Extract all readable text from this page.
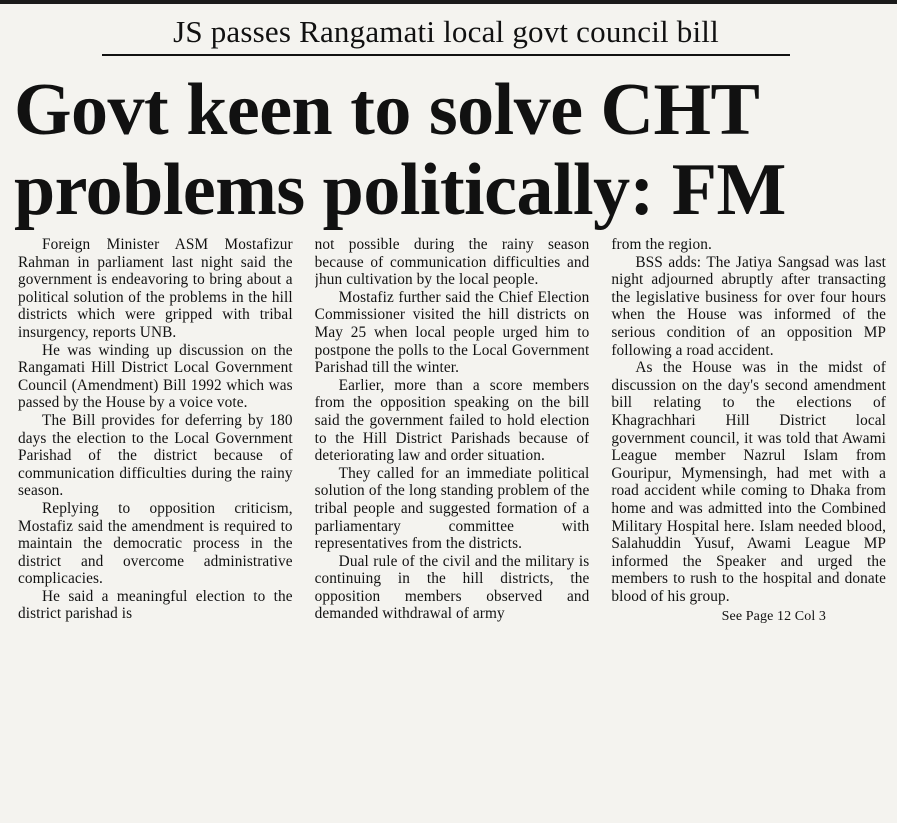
JS passes Rangamati local govt council bill
Govt keen to solve CHT
problems politically: FM

Foreign Minister ASM Mostafizur Rahman in parliament last night said the government is endeavoring to bring about a political solution of the problems in the hill districts which were gripped with tribal insurgency, reports UNB.

He was winding up discussion on the Rangamati Hill District Local Government Council (Amendment) Bill 1992 which was passed by the House by a voice vote.

The Bill provides for deferring by 180 days the election to the Local Government Parishad of the district because of communication difficulties during the rainy season.

Replying to opposition criticism, Mostafiz said the amendment is required to maintain the democratic process in the district and overcome administrative complicacies.

He said a meaningful election to the district parishad is

not possible during the rainy season because of communication difficulties and jhun cultivation by the local people.

Mostafiz further said the Chief Election Commissioner visited the hill districts on May 25 when local people urged him to postpone the polls to the Local Government Parishad till the winter.

Earlier, more than a score members from the opposition speaking on the bill said the government failed to hold election to the Hill District Parishads because of deteriorating law and order situation.

They called for an immediate political solution of the long standing problem of the tribal people and suggested formation of a parliamentary committee with representatives from the districts.

Dual rule of the civil and the military is continuing in the hill districts, the opposition members observed and demanded withdrawal of army

from the region.

BSS adds: The Jatiya Sangsad was last night adjourned abruptly after transacting the legislative business for over four hours when the House was informed of the serious condition of an opposition MP following a road accident.

As the House was in the midst of discussion on the day's second amendment bill relating to the elections of Khagrachhari Hill District local government council, it was told that Awami League member Nazrul Islam from Gouripur, Mymensingh, had met with a road accident while coming to Dhaka from home and was admitted into the Combined Military Hospital here. Islam needed blood, Salahuddin Yusuf, Awami League MP informed the Speaker and urged the members to rush to the hospital and donate blood of his group.

See Page 12 Col 3
